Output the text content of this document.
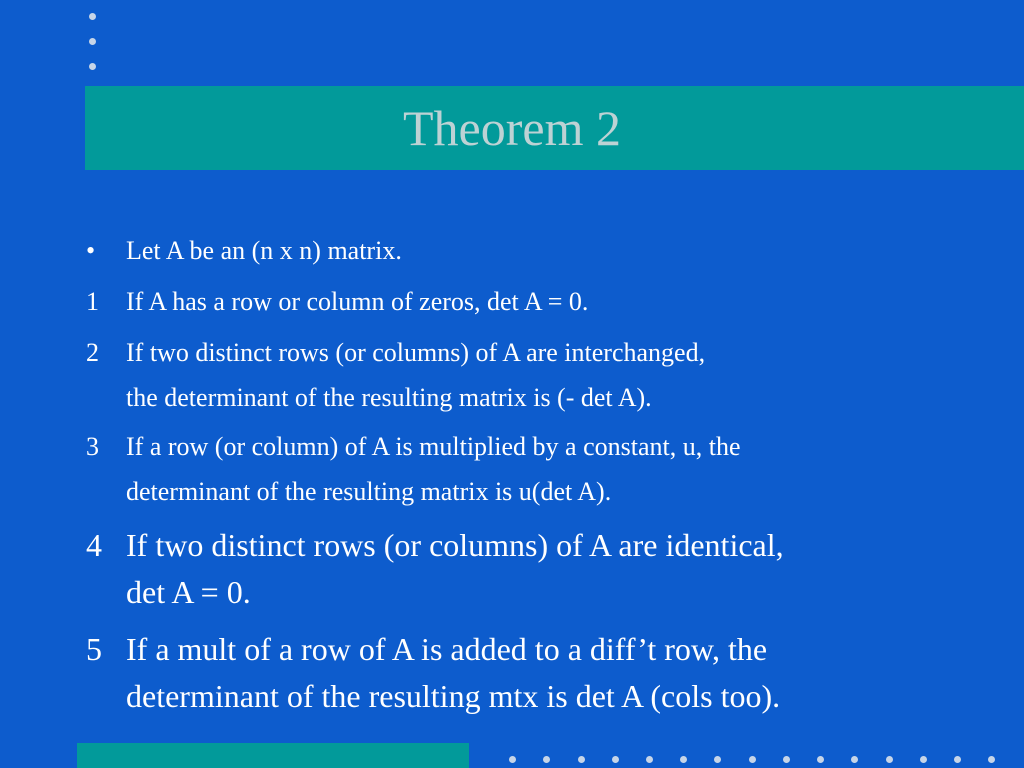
Theorem 2
•	Let A be an (n x n) matrix.
1	If A has a row or column of zeros, det A = 0.
2	If two distinct rows (or columns) of A are interchanged,
the determinant of the resulting matrix is (- det A).
3	If a row (or column) of A is multiplied by a constant, u, the
determinant of the resulting matrix is u(det A).
4 If two distinct rows (or columns) of A are identical,
det A = 0.
5 If a mult of a row of A is added to a diff’t row, the
determinant of the resulting mtx is det A (cols too).
